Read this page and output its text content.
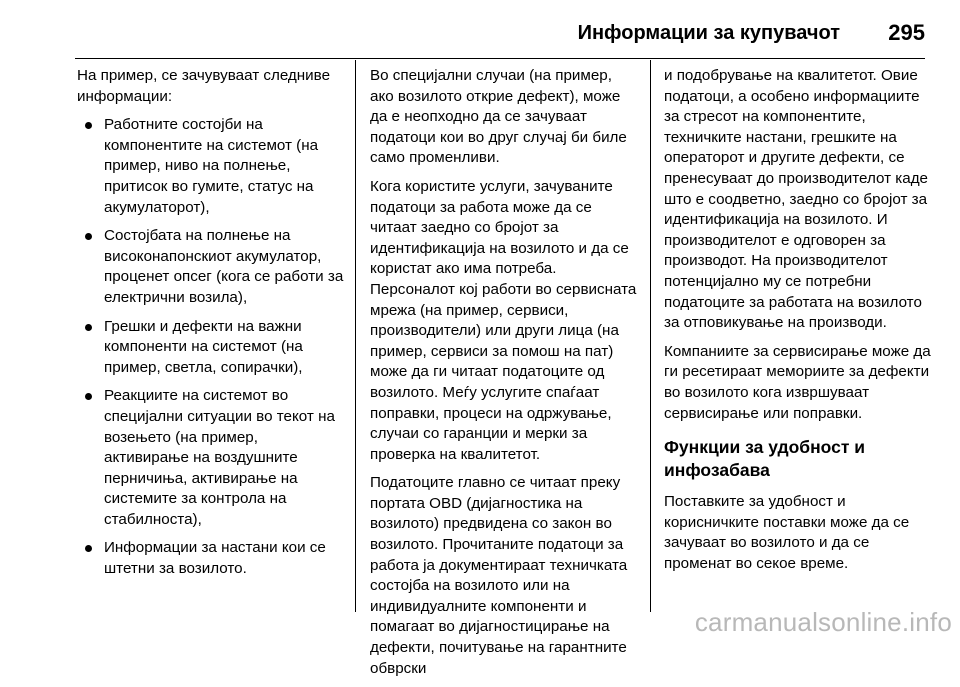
Информации за купувачот 295

На пример, се зачувуваат следниве информации:

Работните состојби на компонентите на системот (на пример, ниво на полнење, притисок во гумите, статус на акумулаторот),
Состојбата на полнење на високонапонскиот акумулатор, проценет опсег (кога се работи за електрични возила),
Грешки и дефекти на важни компоненти на системот (на пример, светла, сопирачки),
Реакциите на системот во специјални ситуации во текот на возењето (на пример, активирање на воздушните перничиња, активирање на системите за контрола на стабилноста),
Информации за настани кои се штетни за возилото.

Во специјални случаи (на пример, ако возилото открие дефект), може да е неопходно да се зачуваат податоци кои во друг случај би биле само променливи.

Кога користите услуги, зачуваните податоци за работа може да се читаат заедно со бројот за идентификација на возилото и да се користат ако има потреба. Персоналот кој работи во сервисната мрежа (на пример, сервиси, производители) или други лица (на пример, сервиси за помош на пат) може да ги читаат податоците од возилото. Меѓу услугите спаѓаат поправки, процеси на одржување, случаи со гаранции и мерки за проверка на квалитетот.

Податоците главно се читаат преку портата OBD (дијагностика на возилото) предвидена со закон во возилото. Прочитаните податоци за работа ја документираат техничката состојба на возилото или на индивидуалните компоненти и помагаат во дијагностицирање на дефекти, почитување на гарантните обврски

и подобрување на квалитетот. Овие податоци, а особено информациите за стресот на компонентите, техничките настани, грешките на операторот и другите дефекти, се пренесуваат до производителот каде што е соодветно, заедно со бројот за идентификација на возилото. И производителот е одговорен за производот. На производителот потенцијално му се потребни податоците за работата на возилото за отповикување на производи.

Компаниите за сервисирање може да ги ресетираат мемориите за дефекти во возилото кога извршуваат сервисирање или поправки.

Функции за удобност и инфозабава

Поставките за удобност и корисничките поставки може да се зачуваат во возилото и да се променат во секое време.

carmanualsonline.info
